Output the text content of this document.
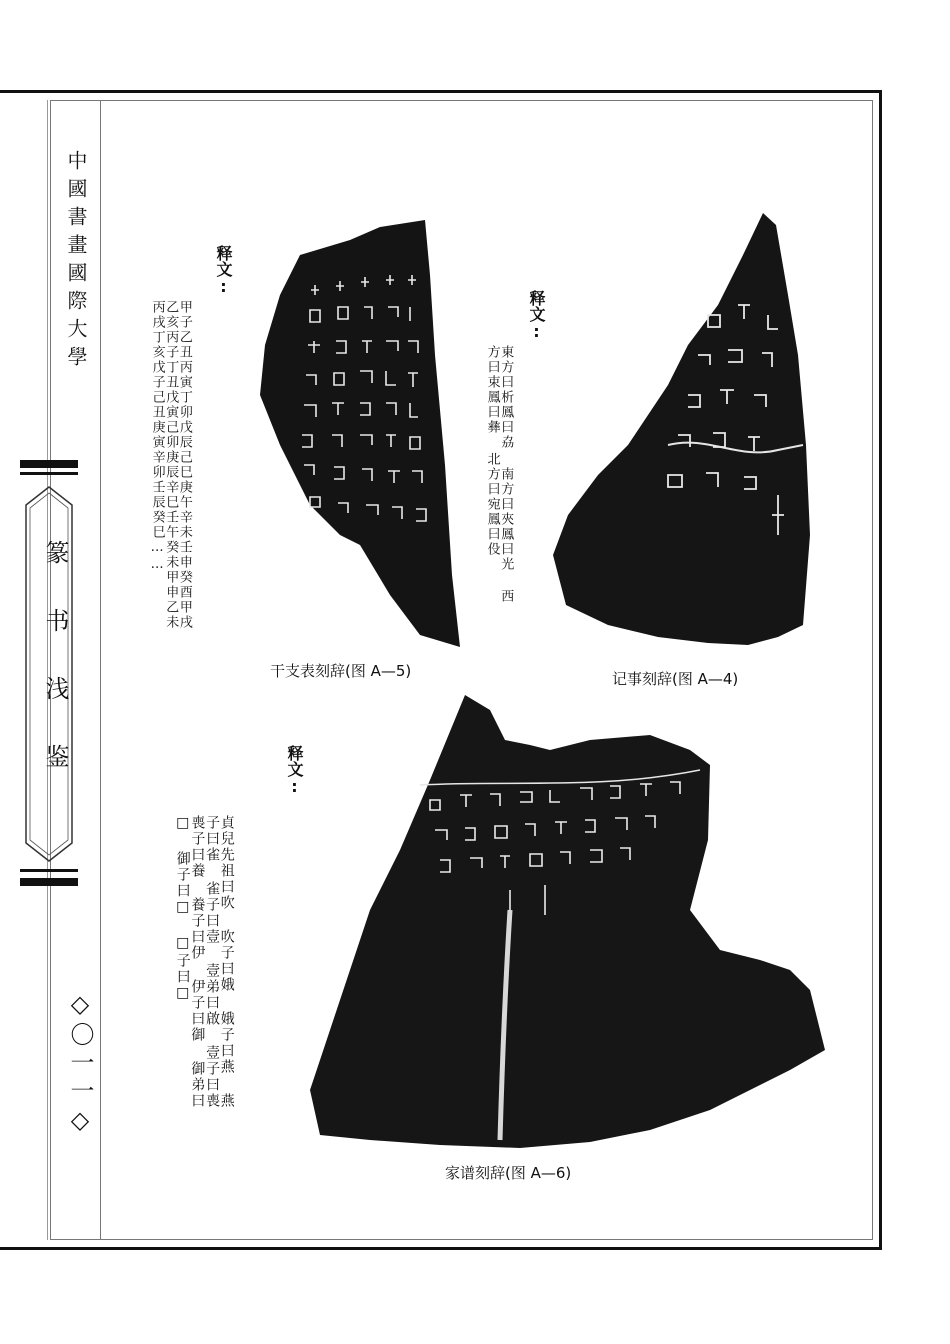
中國書畫國際大學
篆书浅鉴
◇〇一一◇
释文:
甲子乙丑丙寅丁卯戊辰己巳庚午辛未壬申癸酉甲戌 乙亥丙子丁丑戊寅己卯庚辰辛巳壬午癸未甲申乙未 丙戌丁亥戊子己丑庚寅辛卯壬辰癸巳……
干支表刻辞(图 A—5)
释文:
東方曰析鳳曰劦 南方曰夾鳳曰光 西方曰束鳳曰彝 北方曰宛鳳曰伇
记事刻辞(图 A—4)
释文:
貞兒先祖曰吹 吹子曰娥 娥子曰燕 燕子曰雀 雀子曰壹 壹弟曰啟 壹子曰喪 喪子曰養 養子曰伊 伊子曰御 御弟曰□ 御子曰□ □子曰□
家谱刻辞(图 A—6)
